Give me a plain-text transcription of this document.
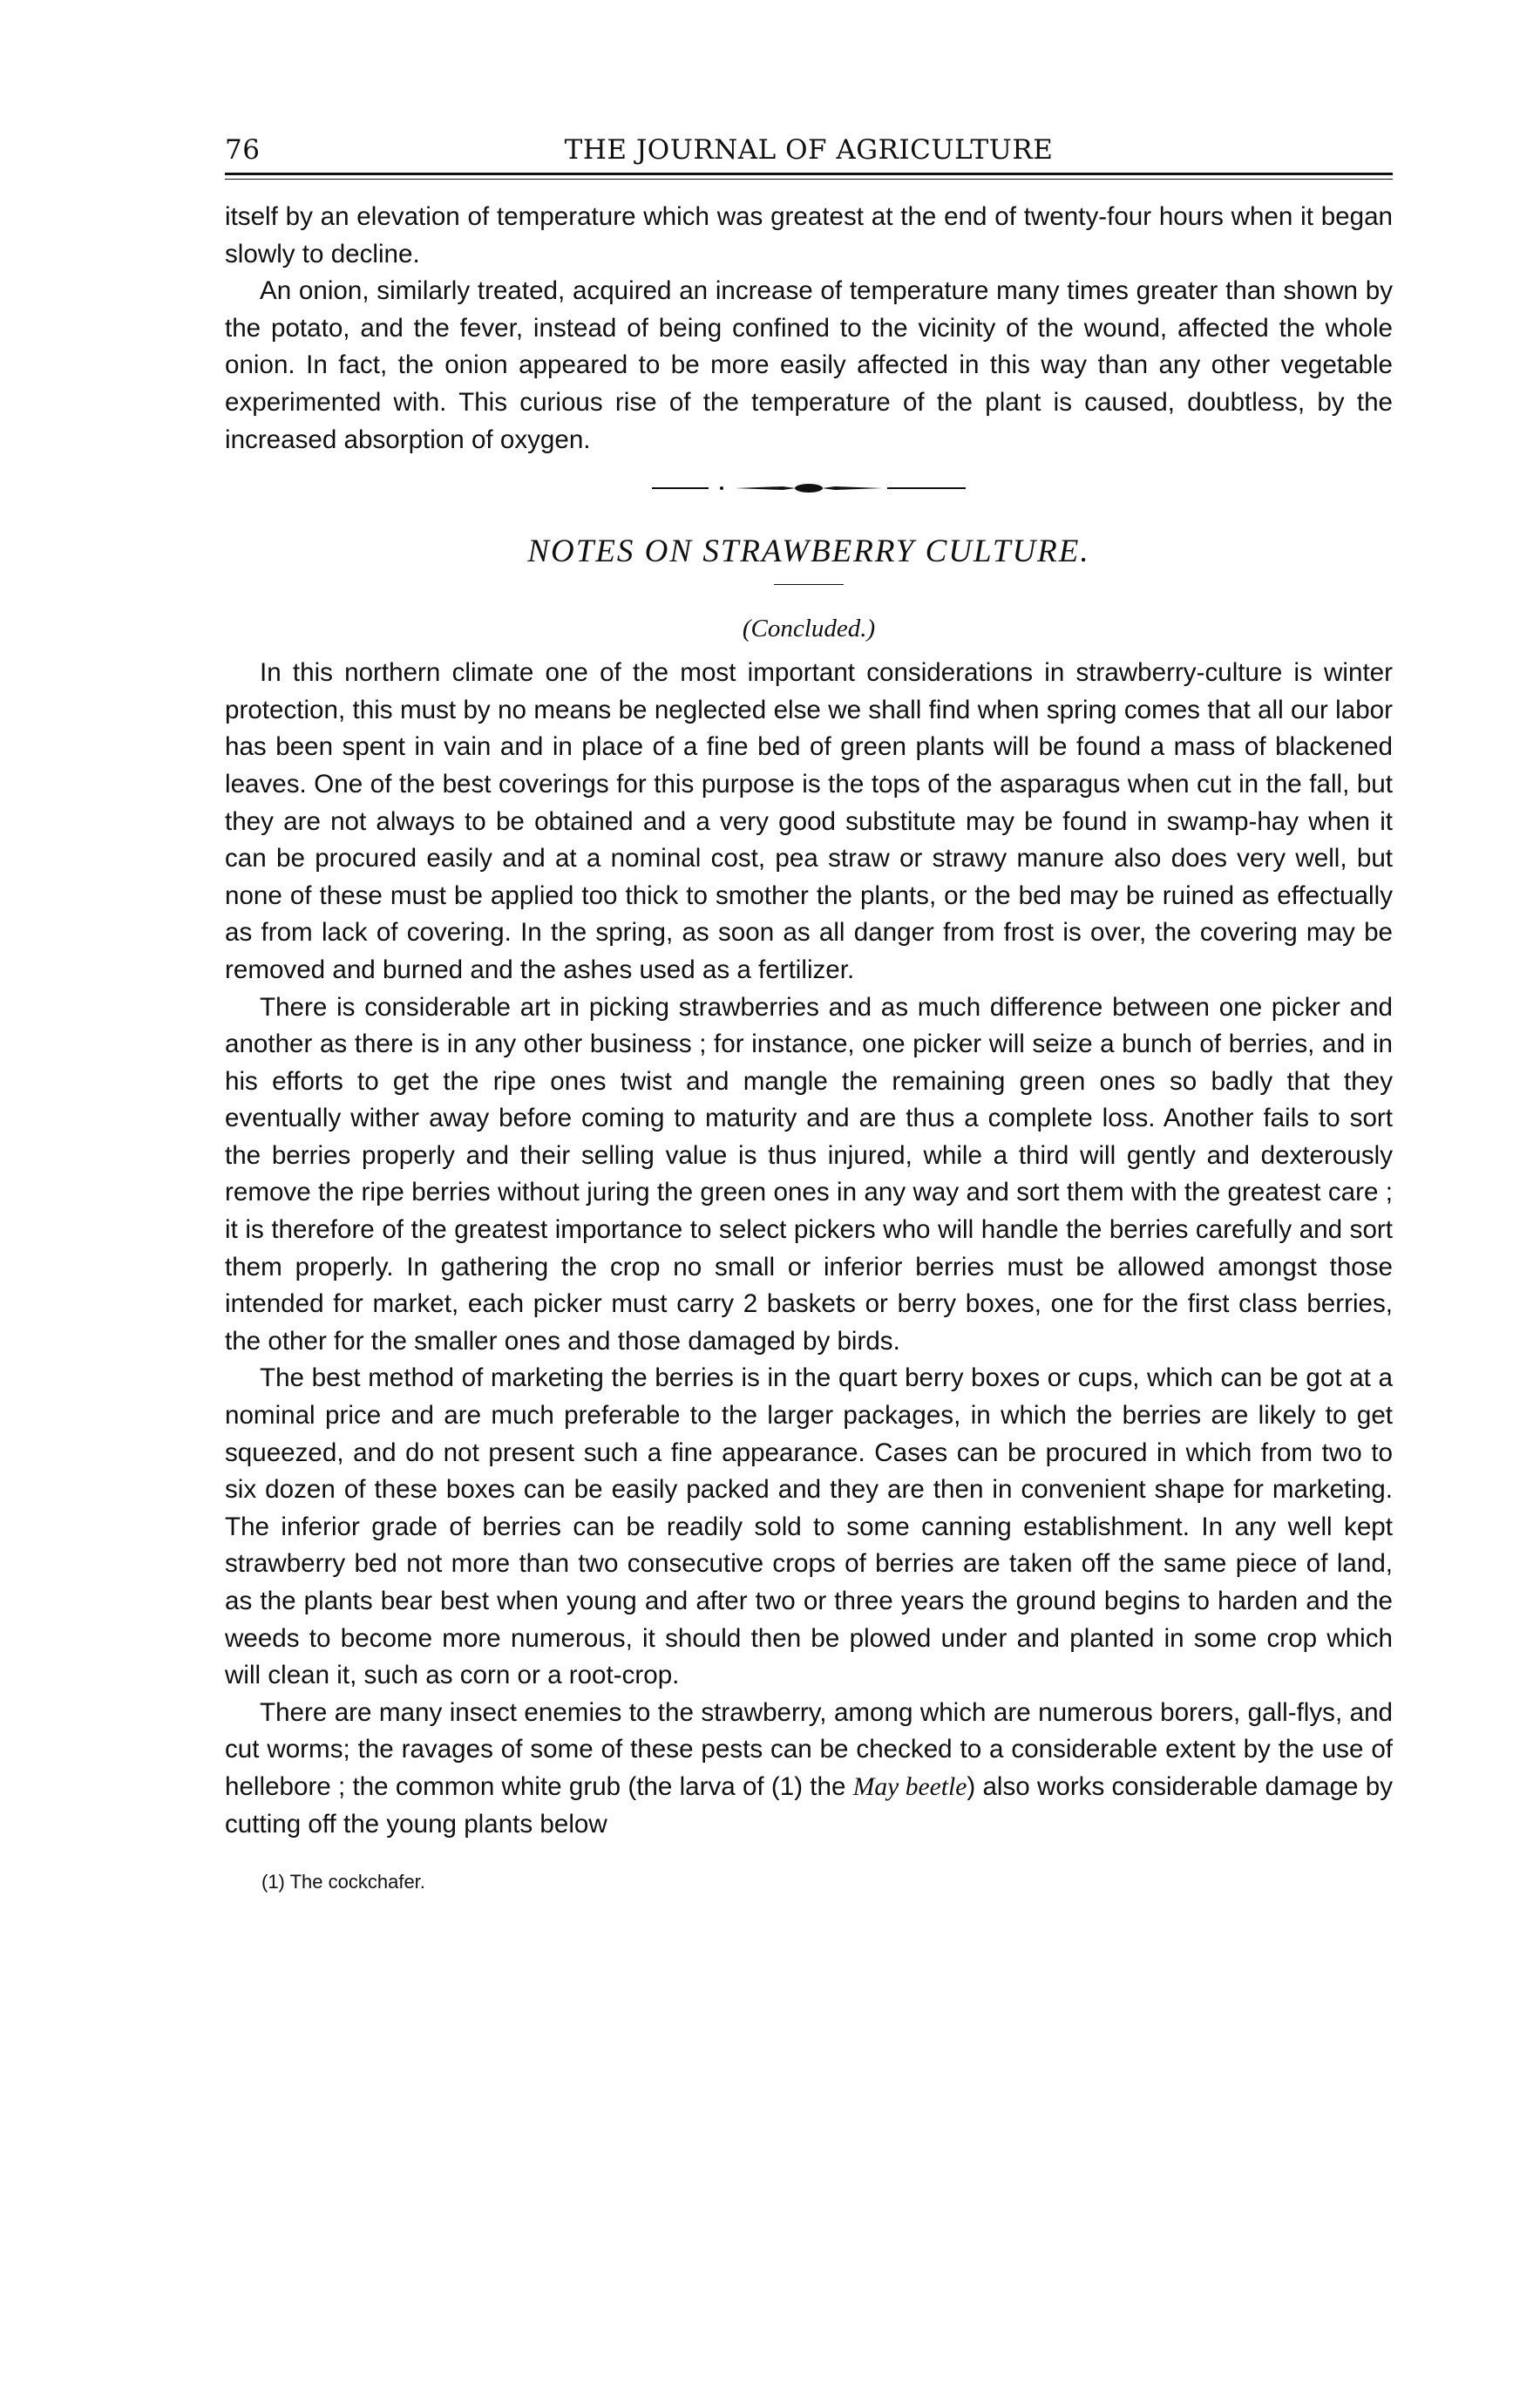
76	THE JOURNAL OF AGRICULTURE

itself by an elevation of temperature which was greatest at the end of twenty-four hours when it began slowly to decline.

An onion, similarly treated, acquired an increase of temperature many times greater than shown by the potato, and the fever, instead of being confined to the vicinity of the wound, affected the whole onion. In fact, the onion appeared to be more easily affected in this way than any other vegetable experimented with. This curious rise of the temperature of the plant is caused, doubtless, by the increased absorption of oxygen.

NOTES ON STRAWBERRY CULTURE.
(Concluded.)

In this northern climate one of the most important considerations in strawberry-culture is winter protection, this must by no means be neglected else we shall find when spring comes that all our labor has been spent in vain and in place of a fine bed of green plants will be found a mass of blackened leaves. One of the best coverings for this purpose is the tops of the asparagus when cut in the fall, but they are not always to be obtained and a very good substitute may be found in swamp-hay when it can be procured easily and at a nominal cost, pea straw or strawy manure also does very well, but none of these must be applied too thick to smother the plants, or the bed may be ruined as effectually as from lack of covering. In the spring, as soon as all danger from frost is over, the covering may be removed and burned and the ashes used as a fertilizer.

There is considerable art in picking strawberries and as much difference between one picker and another as there is in any other business ; for instance, one picker will seize a bunch of berries, and in his efforts to get the ripe ones twist and mangle the remaining green ones so badly that they eventually wither away before coming to maturity and are thus a complete loss. Another fails to sort the berries properly and their selling value is thus injured, while a third will gently and dexterously remove the ripe berries without juring the green ones in any way and sort them with the greatest care ; it is therefore of the greatest importance to select pickers who will handle the berries carefully and sort them properly. In gathering the crop no small or inferior berries must be allowed amongst those intended for market, each picker must carry 2 baskets or berry boxes, one for the first class berries, the other for the smaller ones and those damaged by birds.

The best method of marketing the berries is in the quart berry boxes or cups, which can be got at a nominal price and are much preferable to the larger packages, in which the berries are likely to get squeezed, and do not present such a fine appearance. Cases can be procured in which from two to six dozen of these boxes can be easily packed and they are then in convenient shape for marketing. The inferior grade of berries can be readily sold to some canning establishment. In any well kept strawberry bed not more than two consecutive crops of berries are taken off the same piece of land, as the plants bear best when young and after two or three years the ground begins to harden and the weeds to become more numerous, it should then be plowed under and planted in some crop which will clean it, such as corn or a root-crop.

There are many insect enemies to the strawberry, among which are numerous borers, gall-flys, and cut worms; the ravages of some of these pests can be checked to a considerable extent by the use of hellebore ; the common white grub (the larva of (1) the May beetle) also works considerable damage by cutting off the young plants below

(1) The cockchafer.
